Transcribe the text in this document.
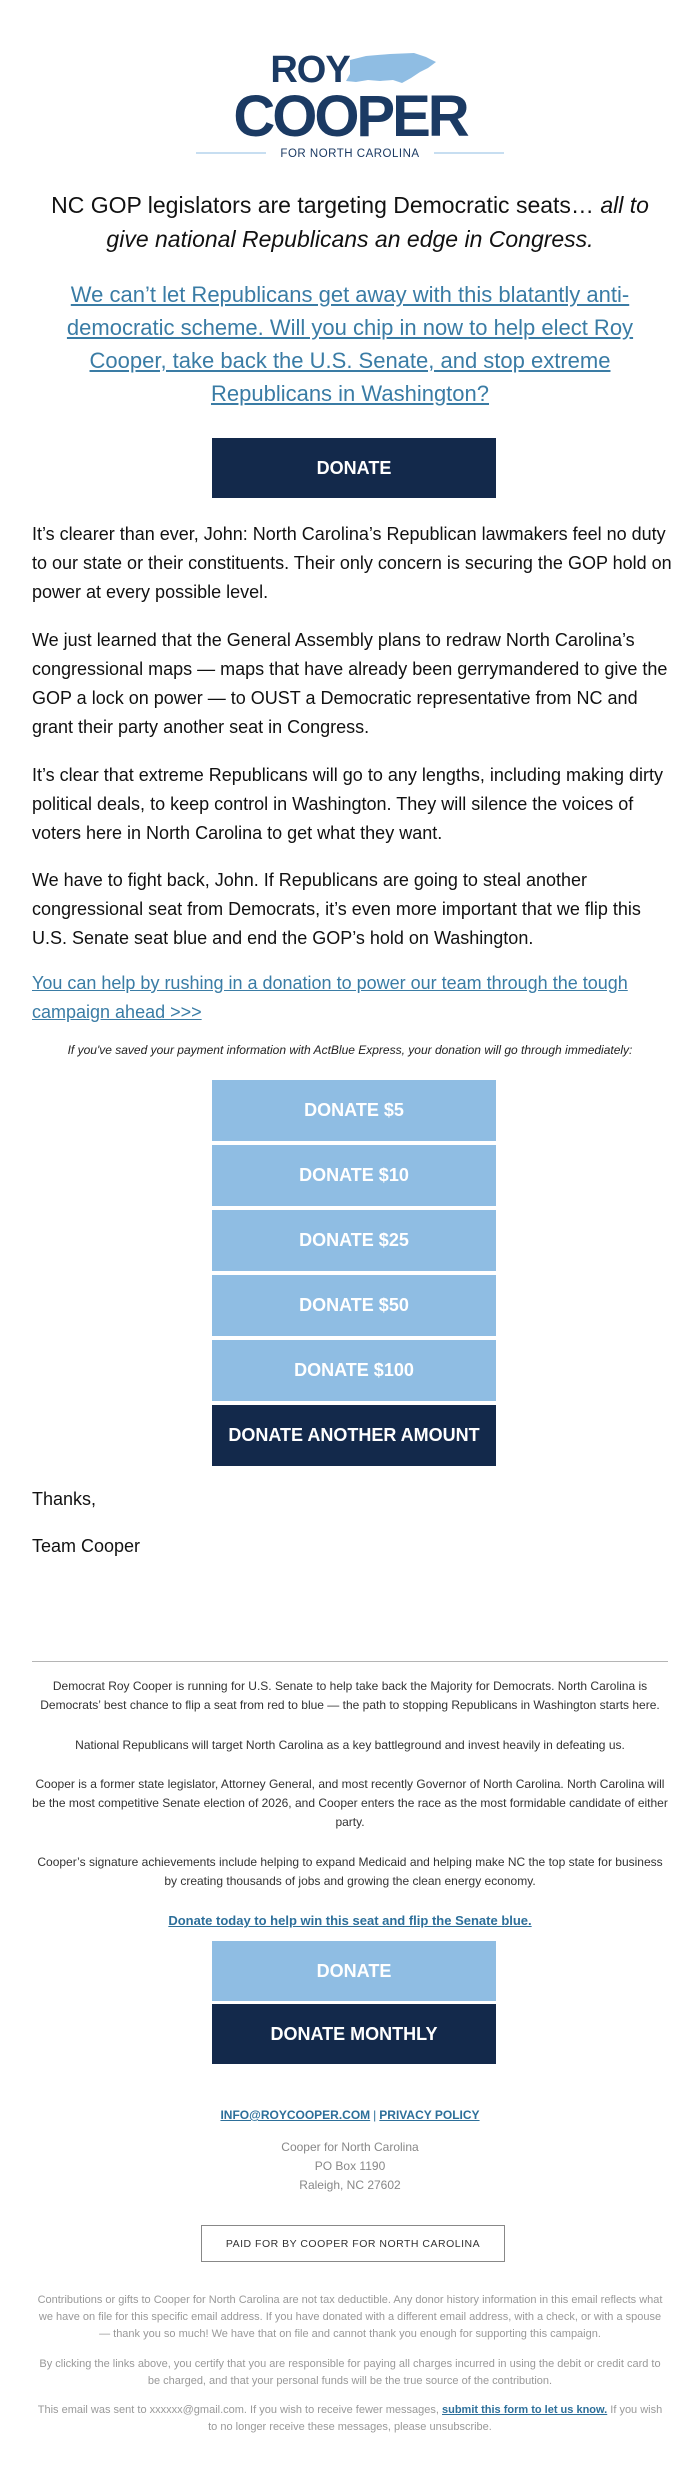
ROY
COOPER
FOR NORTH CAROLINA
NC GOP legislators are targeting Democratic seats… all to give national Republicans an edge in Congress.
We can’t let Republicans get away with this blatantly anti-democratic scheme. Will you chip in now to help elect Roy Cooper, take back the U.S. Senate, and stop extreme Republicans in Washington?
DONATE

It’s clearer than ever, John: North Carolina’s Republican lawmakers feel no duty to our state or their constituents. Their only concern is securing the GOP hold on power at every possible level.

We just learned that the General Assembly plans to redraw North Carolina’s congressional maps — maps that have already been gerrymandered to give the GOP a lock on power — to OUST a Democratic representative from NC and grant their party another seat in Congress.

It’s clear that extreme Republicans will go to any lengths, including making dirty political deals, to keep control in Washington. They will silence the voices of voters here in North Carolina to get what they want.

We have to fight back, John. If Republicans are going to steal another congressional seat from Democrats, it’s even more important that we flip this U.S. Senate seat blue and end the GOP’s hold on Washington.

You can help by rushing in a donation to power our team through the tough campaign ahead >>>

If you've saved your payment information with ActBlue Express, your donation will go through immediately:

DONATE $5
DONATE $10
DONATE $25
DONATE $50
DONATE $100
DONATE ANOTHER AMOUNT

Thanks,

Team Cooper

Democrat Roy Cooper is running for U.S. Senate to help take back the Majority for Democrats. North Carolina is Democrats’ best chance to flip a seat from red to blue — the path to stopping Republicans in Washington starts here.

National Republicans will target North Carolina as a key battleground and invest heavily in defeating us.

Cooper is a former state legislator, Attorney General, and most recently Governor of North Carolina. North Carolina will be the most competitive Senate election of 2026, and Cooper enters the race as the most formidable candidate of either party.

Cooper’s signature achievements include helping to expand Medicaid and helping make NC the top state for business by creating thousands of jobs and growing the clean energy economy.

Donate today to help win this seat and flip the Senate blue.
DONATE
DONATE MONTHLY
INFO@ROYCOOPER.COM | PRIVACY POLICY
Cooper for North Carolina
PO Box 1190
Raleigh, NC 27602
PAID FOR BY COOPER FOR NORTH CAROLINA

Contributions or gifts to Cooper for North Carolina are not tax deductible. Any donor history information in this email reflects what we have on file for this specific email address. If you have donated with a different email address, with a check, or with a spouse — thank you so much! We have that on file and cannot thank you enough for supporting this campaign.

By clicking the links above, you certify that you are responsible for paying all charges incurred in using the debit or credit card to be charged, and that your personal funds will be the true source of the contribution.

This email was sent to xxxxxx@gmail.com. If you wish to receive fewer messages, submit this form to let us know. If you wish to no longer receive these messages, please unsubscribe.
